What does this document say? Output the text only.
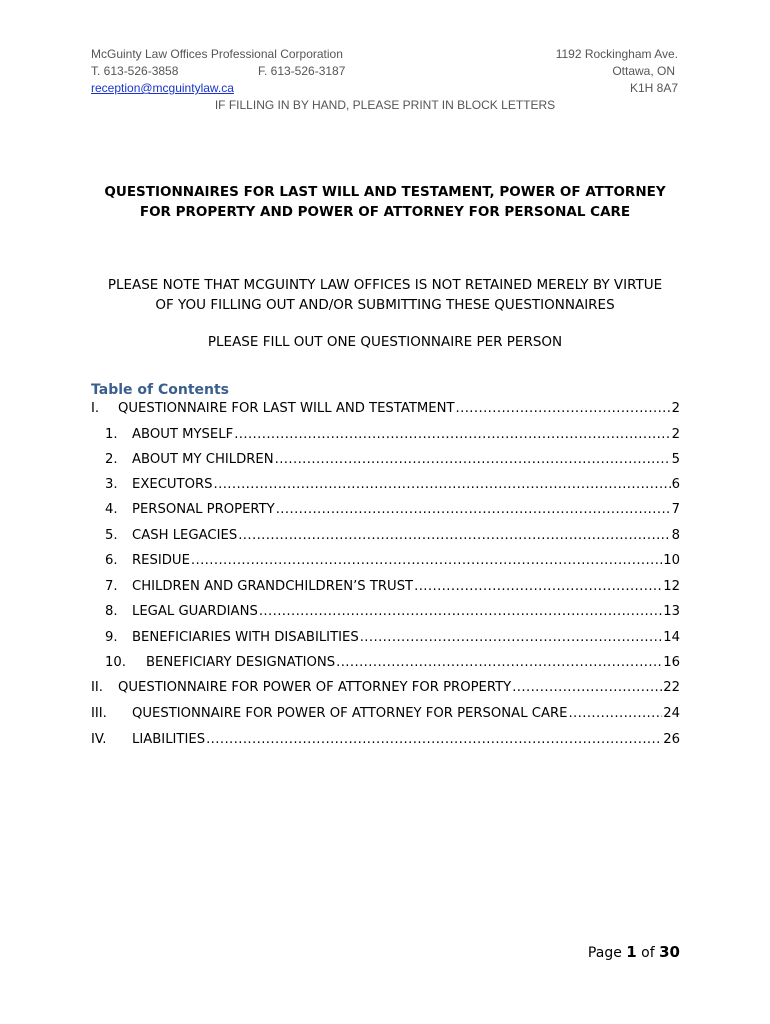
McGuinty Law Offices Professional Corporation	1192 Rockingham Ave.
T. 613-526-3858	F. 613-526-3187	Ottawa, ON
reception@mcguintylaw.ca	K1H 8A7
IF FILLING IN BY HAND, PLEASE PRINT IN BLOCK LETTERS
QUESTIONNAIRES FOR LAST WILL AND TESTAMENT, POWER OF ATTORNEY
FOR PROPERTY AND POWER OF ATTORNEY FOR PERSONAL CARE
PLEASE NOTE THAT MCGUINTY LAW OFFICES IS NOT RETAINED MERELY BY VIRTUE
OF YOU FILLING OUT AND/OR SUBMITTING THESE QUESTIONNAIRES
PLEASE FILL OUT ONE QUESTIONNAIRE PER PERSON
Table of Contents
I.	QUESTIONNAIRE FOR LAST WILL AND TESTATMENT .....	2
1.	ABOUT MYSELF .....	2
2.	ABOUT MY CHILDREN .....	5
3.	EXECUTORS .....	6
4.	PERSONAL PROPERTY .....	7
5.	CASH LEGACIES .....	8
6.	RESIDUE .....	10
7.	CHILDREN AND GRANDCHILDREN’S TRUST .....	12
8.	LEGAL GUARDIANS .....	13
9.	BENEFICIARIES WITH DISABILITIES .....	14
10.	BENEFICIARY DESIGNATIONS .....	16
II.	QUESTIONNAIRE FOR POWER OF ATTORNEY FOR PROPERTY .....	22
III.	QUESTIONNAIRE FOR POWER OF ATTORNEY FOR PERSONAL CARE .....	24
IV.	LIABILITIES .....	26
Page 1 of 30
